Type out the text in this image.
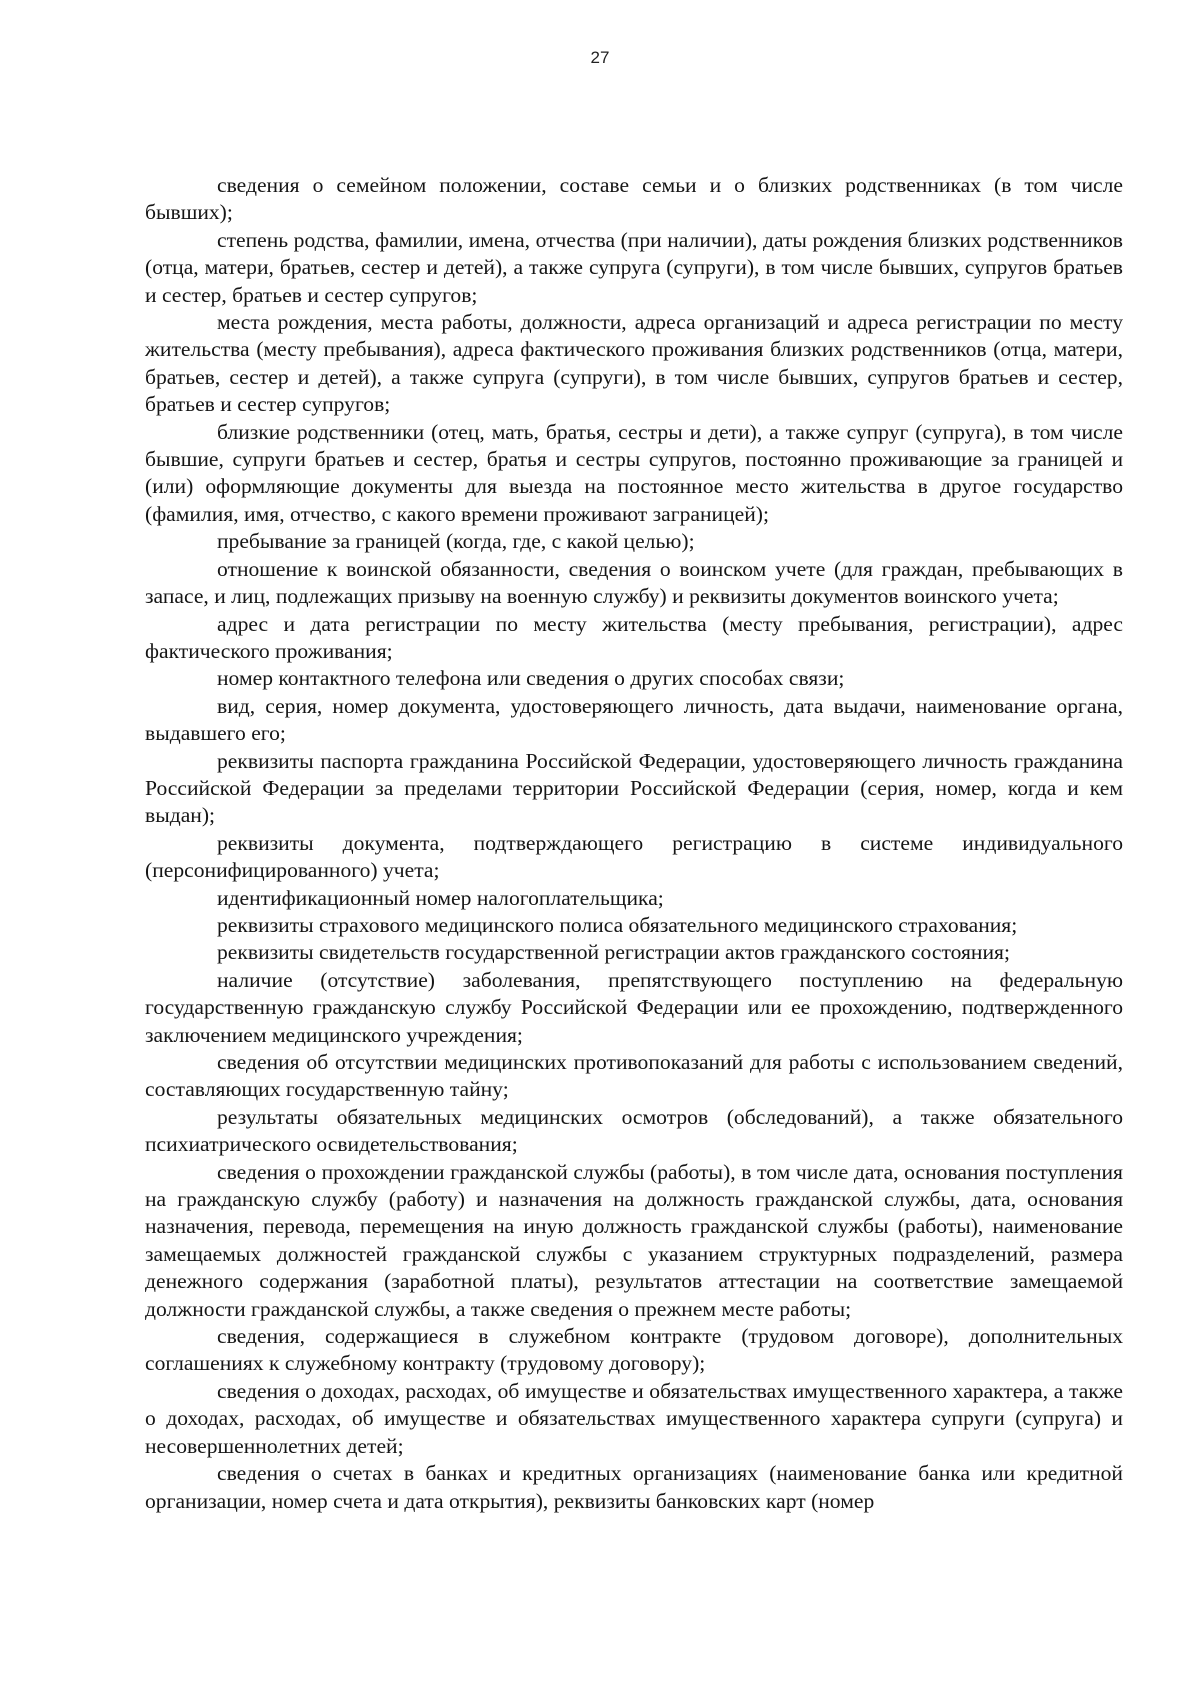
27

сведения о семейном положении, составе семьи и о близких родственниках (в том числе бывших);

степень родства, фамилии, имена, отчества (при наличии), даты рождения близких родственников (отца, матери, братьев, сестер и детей), а также супруга (супруги), в том числе бывших, супругов братьев и сестер, братьев и сестер супругов;

места рождения, места работы, должности, адреса организаций и адреса регистрации по месту жительства (месту пребывания), адреса фактического проживания близких родственников (отца, матери, братьев, сестер и детей), а также супруга (супруги), в том числе бывших, супругов братьев и сестер, братьев и сестер супругов;

близкие родственники (отец, мать, братья, сестры и дети), а также супруг (супруга), в том числе бывшие, супруги братьев и сестер, братья и сестры супругов, постоянно проживающие за границей и (или) оформляющие документы для выезда на постоянное место жительства в другое государство (фамилия, имя, отчество, с какого времени проживают заграницей);

пребывание за границей (когда, где, с какой целью);

отношение к воинской обязанности, сведения о воинском учете (для граждан, пребывающих в запасе, и лиц, подлежащих призыву на военную службу) и реквизиты документов воинского учета;

адрес и дата регистрации по месту жительства (месту пребывания, регистрации), адрес фактического проживания;

номер контактного телефона или сведения о других способах связи;

вид, серия, номер документа, удостоверяющего личность, дата выдачи, наименование органа, выдавшего его;

реквизиты паспорта гражданина Российской Федерации, удостоверяющего личность гражданина Российской Федерации за пределами территории Российской Федерации (серия, номер, когда и кем выдан);

реквизиты документа, подтверждающего регистрацию в системе индивидуального (персонифицированного) учета;

идентификационный номер налогоплательщика;

реквизиты страхового медицинского полиса обязательного медицинского страхования;

реквизиты свидетельств государственной регистрации актов гражданского состояния;

наличие (отсутствие) заболевания, препятствующего поступлению на федеральную государственную гражданскую службу Российской Федерации или ее прохождению, подтвержденного заключением медицинского учреждения;

сведения об отсутствии медицинских противопоказаний для работы с использованием сведений, составляющих государственную тайну;

результаты обязательных медицинских осмотров (обследований), а также обязательного психиатрического освидетельствования;

сведения о прохождении гражданской службы (работы), в том числе дата, основания поступления на гражданскую службу (работу) и назначения на должность гражданской службы, дата, основания назначения, перевода, перемещения на иную должность гражданской службы (работы), наименование замещаемых должностей гражданской службы с указанием структурных подразделений, размера денежного содержания (заработной платы), результатов аттестации на соответствие замещаемой должности гражданской службы, а также сведения о прежнем месте работы;

сведения, содержащиеся в служебном контракте (трудовом договоре), дополнительных соглашениях к служебному контракту (трудовому договору);

сведения о доходах, расходах, об имуществе и обязательствах имущественного характера, а также о доходах, расходах, об имуществе и обязательствах имущественного характера супруги (супруга) и несовершеннолетних детей;

сведения о счетах в банках и кредитных организациях (наименование банка или кредитной организации, номер счета и дата открытия), реквизиты банковских карт (номер
